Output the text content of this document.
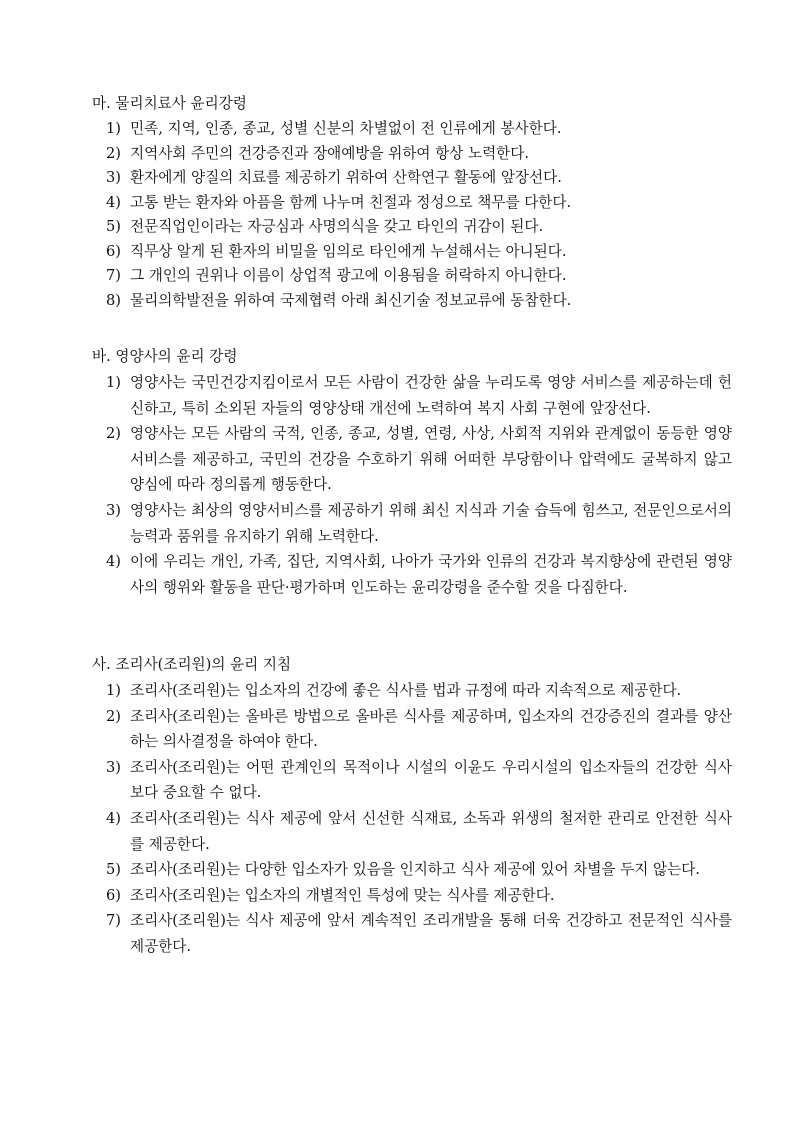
마. 물리치료사 윤리강령
1) 민족, 지역, 인종, 종교, 성별 신분의 차별없이 전 인류에게 봉사한다.
2) 지역사회 주민의 건강증진과 장애예방을 위하여 항상 노력한다.
3) 환자에게 양질의 치료를 제공하기 위하여 산학연구 활동에 앞장선다.
4) 고통 받는 환자와 아픔을 함께 나누며 친절과 정성으로 책무를 다한다.
5) 전문직업인이라는 자긍심과 사명의식을 갖고 타인의 귀감이 된다.
6) 직무상 알게 된 환자의 비밀을 임의로 타인에게 누설해서는 아니된다.
7) 그 개인의 권위나 이름이 상업적 광고에 이용됨을 허락하지 아니한다.
8) 물리의학발전을 위하여 국제협력 아래 최신기술 정보교류에 동참한다.
바. 영양사의 윤리 강령
1) 영양사는 국민건강지킴이로서 모든 사람이 건강한 삶을 누리도록 영양 서비스를 제공하는데 헌신하고, 특히 소외된 자들의 영양상태 개선에 노력하여 복지 사회 구현에 앞장선다.
2) 영양사는 모든 사람의 국적, 인종, 종교, 성별, 연령, 사상, 사회적 지위와 관계없이 동등한 영양서비스를 제공하고, 국민의 건강을 수호하기 위해 어떠한 부당함이나 압력에도 굴복하지 않고 양심에 따라 정의롭게 행동한다.
3) 영양사는 최상의 영양서비스를 제공하기 위해 최신 지식과 기술 습득에 힘쓰고, 전문인으로서의 능력과 품위를 유지하기 위해 노력한다.
4) 이에 우리는 개인, 가족, 집단, 지역사회, 나아가 국가와 인류의 건강과 복지향상에 관련된 영양사의 행위와 활동을 판단·평가하며 인도하는 윤리강령을 준수할 것을 다짐한다.
사. 조리사(조리원)의 윤리 지침
1) 조리사(조리원)는 입소자의 건강에 좋은 식사를 법과 규정에 따라 지속적으로 제공한다.
2) 조리사(조리원)는 올바른 방법으로 올바른 식사를 제공하며, 입소자의 건강증진의 결과를 양산하는 의사결정을 하여야 한다.
3) 조리사(조리원)는 어떤 관계인의 목적이나 시설의 이윤도 우리시설의 입소자들의 건강한 식사보다 중요할 수 없다.
4) 조리사(조리원)는 식사 제공에 앞서 신선한 식재료, 소독과 위생의 철저한 관리로 안전한 식사를 제공한다.
5) 조리사(조리원)는 다양한 입소자가 있음을 인지하고 식사 제공에 있어 차별을 두지 않는다.
6) 조리사(조리원)는 입소자의 개별적인 특성에 맞는 식사를 제공한다.
7) 조리사(조리원)는 식사 제공에 앞서 계속적인 조리개발을 통해 더욱 건강하고 전문적인 식사를 제공한다.
